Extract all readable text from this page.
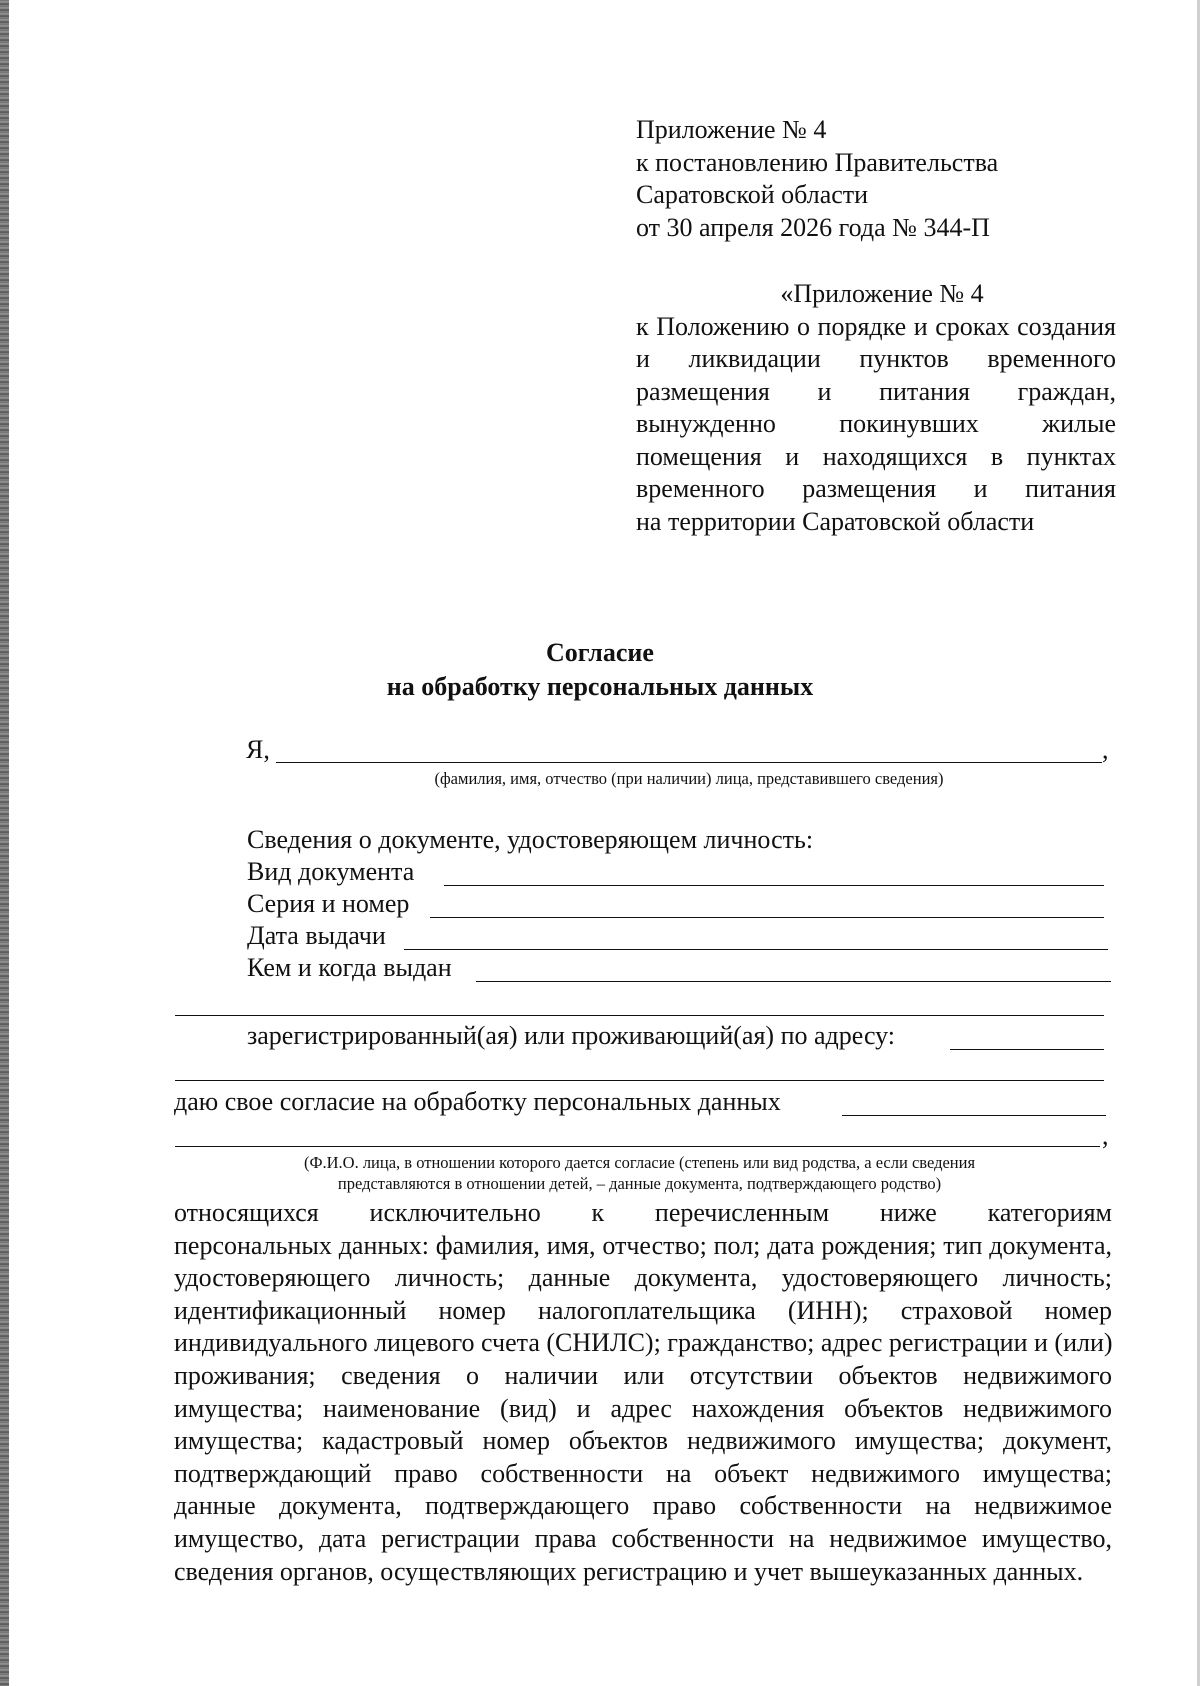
Приложение № 4
к постановлению Правительства
Саратовской области
от 30 апреля 2026 года № 344-П
«Приложение № 4
к Положению о порядке и сроках создания
и ликвидации пунктов временного
размещения и питания граждан,
вынужденно покинувших жилые
помещения и находящихся в пунктах
временного размещения и питания
на территории Саратовской области
Согласие
на обработку персональных данных
Я,	,
(фамилия, имя, отчество (при наличии) лица, представившего сведения)
Сведения о документе, удостоверяющем личность:
Вид документа
Серия и номер
Дата выдачи
Кем и когда выдан
зарегистрированный(ая) или проживающий(ая) по адресу:
даю свое согласие на обработку персональных данных
,
(Ф.И.О. лица, в отношении которого дается согласие (степень или вид родства, а если сведения
представляются в отношении детей, – данные документа, подтверждающего родство)
относящихся исключительно к перечисленным ниже категориям
персональных данных: фамилия, имя, отчество; пол; дата рождения; тип документа,
удостоверяющего личность; данные документа, удостоверяющего личность;
идентификационный номер налогоплательщика (ИНН); страховой номер
индивидуального лицевого счета (СНИЛС); гражданство; адрес регистрации и (или)
проживания; сведения о наличии или отсутствии объектов недвижимого
имущества; наименование (вид) и адрес нахождения объектов недвижимого
имущества; кадастровый номер объектов недвижимого имущества; документ,
подтверждающий право собственности на объект недвижимого имущества;
данные документа, подтверждающего право собственности на недвижимое
имущество, дата регистрации права собственности на недвижимое имущество,
сведения органов, осуществляющих регистрацию и учет вышеуказанных данных.
